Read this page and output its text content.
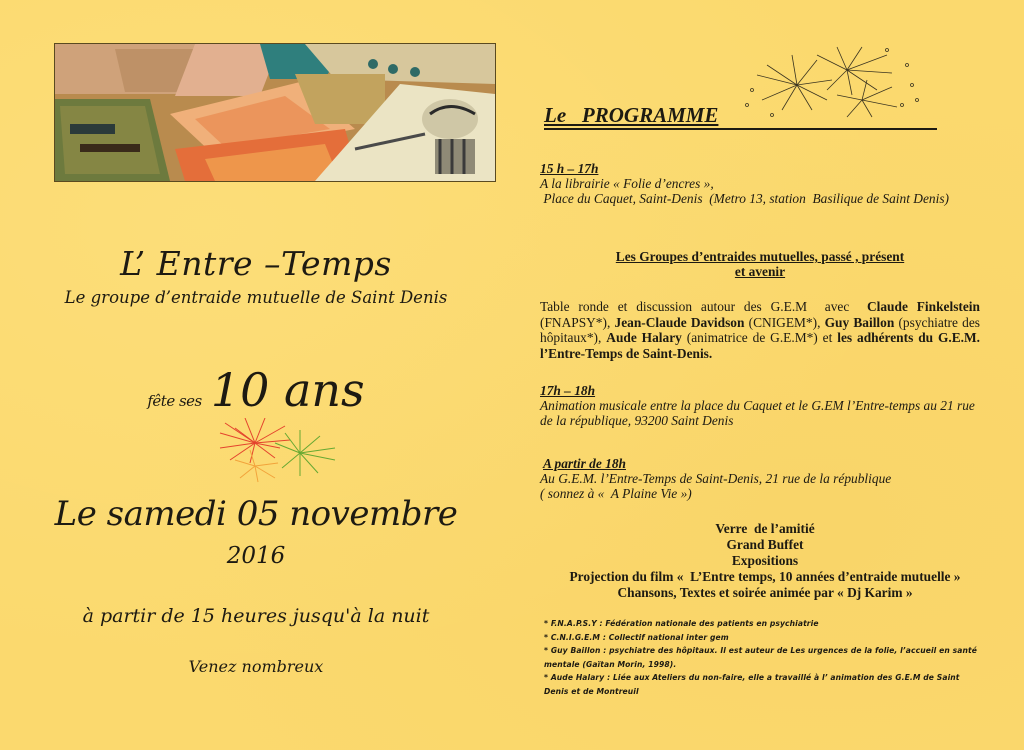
L’ Entre –Temps
Le groupe d’entraide mutuelle de Saint Denis
fête ses 10 ans
Le samedi 05 novembre
2016
à partir de 15 heures jusqu'à la nuit
Venez nombreux
Le   PROGRAMME
15 h – 17h
A la librairie « Folie d’encres »,
Place du Caquet, Saint-Denis  (Metro 13, station  Basilique de Saint Denis)
Les Groupes d’entraides mutuelles, passé , présent
et avenir
Table ronde et discussion autour des G.E.M  avec  Claude Finkelstein (FNAPSY*), Jean-Claude Davidson (CNIGEM*), Guy Baillon (psychiatre des hôpitaux*), Aude Halary (animatrice de G.E.M*) et les adhérents du G.E.M. l’Entre-Temps de Saint-Denis.
17h – 18h
Animation musicale entre la place du Caquet et le G.EM l’Entre-temps au 21 rue de la république, 93200 Saint Denis
A partir de 18h
Au G.E.M. l’Entre-Temps de Saint-Denis, 21 rue de la république
( sonnez à «  A Plaine Vie »)
Verre  de l’amitié
Grand Buffet
Expositions
Projection du film «  L’Entre temps, 10 années d’entraide mutuelle »
Chansons, Textes et soirée animée par « Dj Karim »
* F.N.A.P.S.Y : Fédération nationale des patients en psychiatrie
* C.N.I.G.E.M : Collectif national inter gem
* Guy Baillon : psychiatre des hôpitaux. Il est auteur de Les urgences de la folie, l’accueil en santé mentale (Gaïtan Morin, 1998).
* Aude Halary : Liée aux Ateliers du non-faire, elle a travaillé à l’ animation des G.E.M de Saint Denis et de Montreuil
